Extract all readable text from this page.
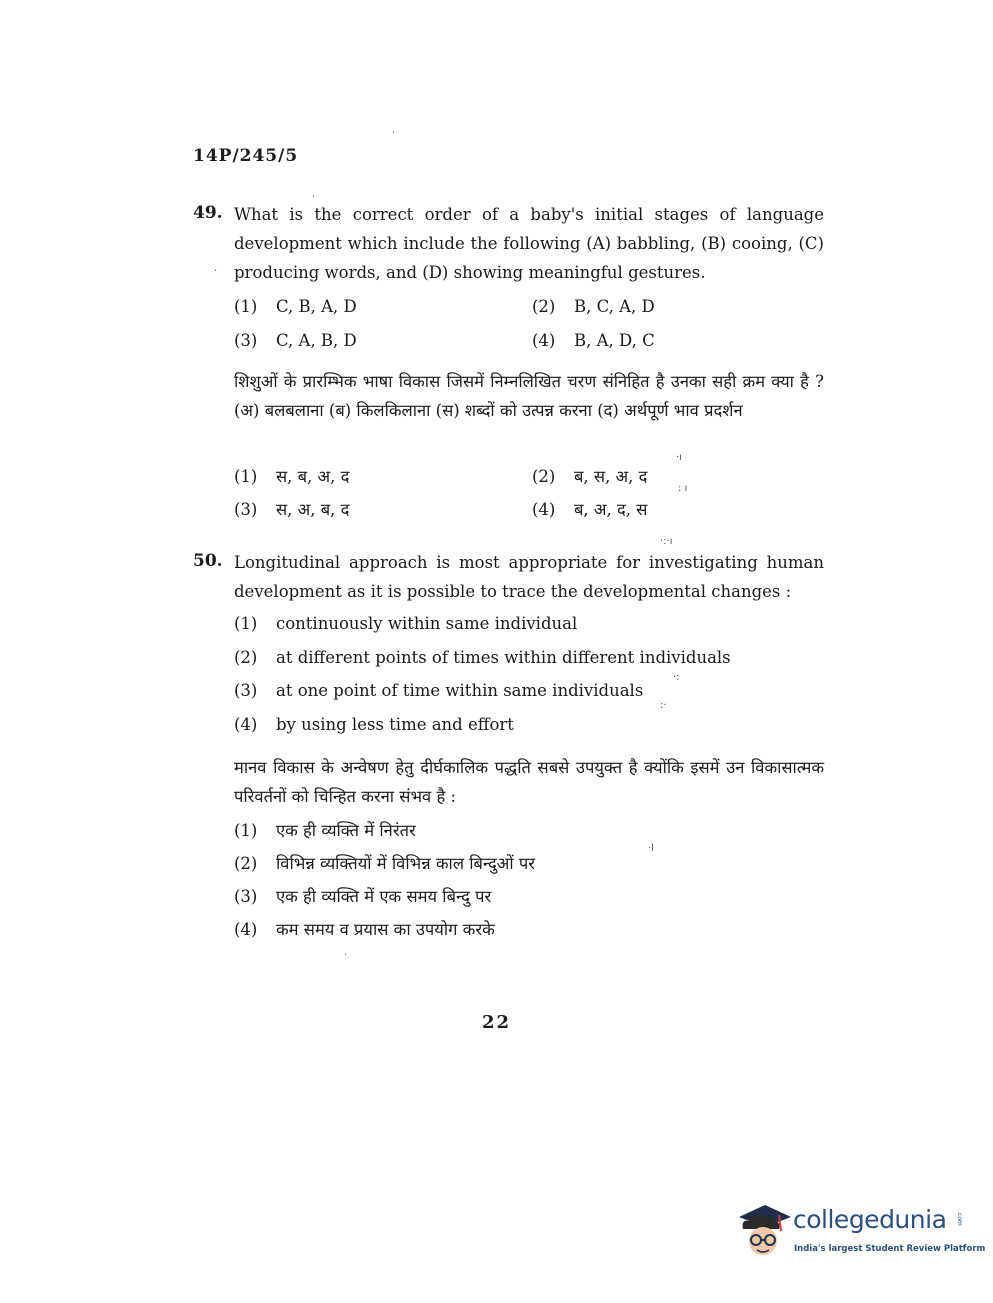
14P/245/5
49. What is the correct order of a baby's initial stages of language development which include the following (A) babbling, (B) cooing, (C) producing words, and (D) showing meaningful gestures.
(1) C, B, A, D	(2) B, C, A, D
(3) C, A, B, D	(4) B, A, D, C
शिशुओं के प्रारम्भिक भाषा विकास जिसमें निम्नलिखित चरण संनिहित है उनका सही क्रम क्या है ? (अ) बलबलाना (ब) किलकिलाना (स) शब्दों को उत्पन्न करना (द) अर्थपूर्ण भाव प्रदर्शन
(1) स, ब, अ, द	(2) ब, स, अ, द
(3) स, अ, ब, द	(4) ब, अ, द, स
50. Longitudinal approach is most appropriate for investigating human development as it is possible to trace the developmental changes :
(1) continuously within same individual
(2) at different points of times within different individuals
(3) at one point of time within same individuals
(4) by using less time and effort
मानव विकास के अन्वेषण हेतु दीर्घकालिक पद्धति सबसे उपयुक्त है क्योंकि इसमें उन विकासात्मक परिवर्तनों को चिन्हित करना संभव है :
(1) एक ही व्यक्ति में निरंतर
(2) विभिन्न व्यक्तियों में विभिन्न काल बिन्दुओं पर
(3) एक ही व्यक्ति में एक समय बिन्दु पर
(4) कम समय व प्रयास का उपयोग करके
·
·
·
·ı
: ı
·:·ı
·:
:·
·l
·
22
collegedunia .com
India's largest Student Review Platform
